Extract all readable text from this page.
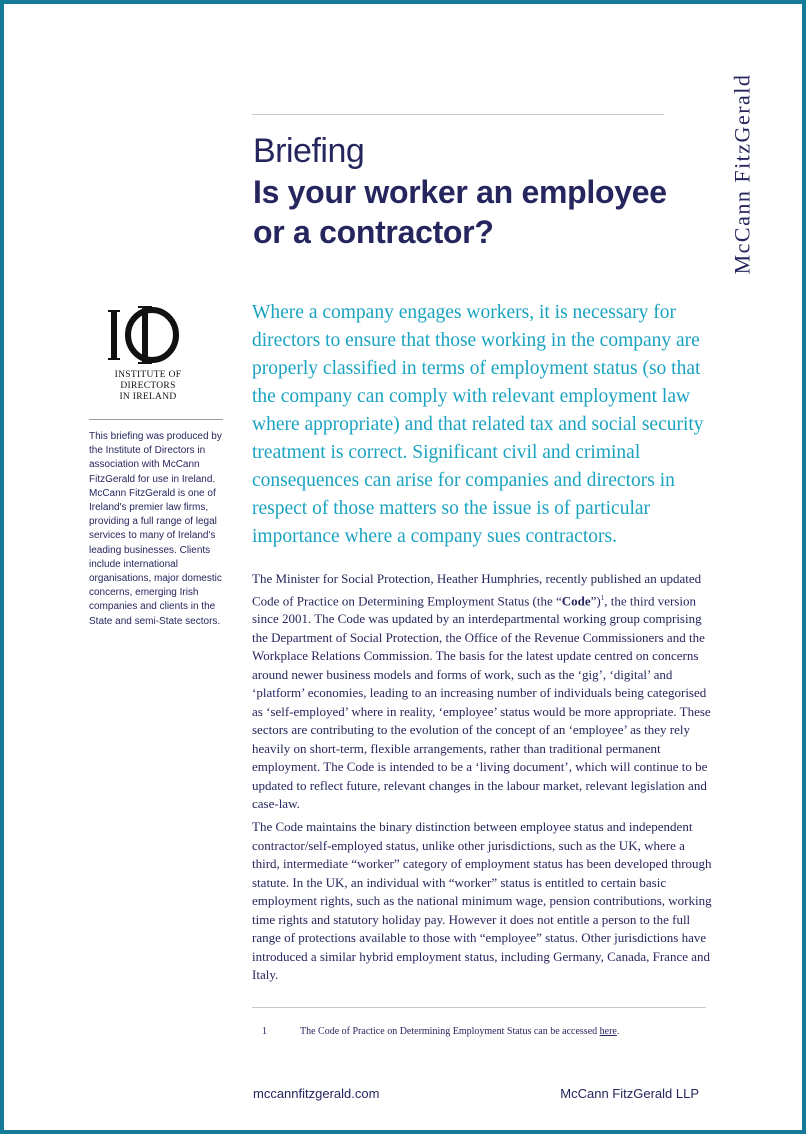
Briefing
Is your worker an employee or a contractor?	McCann FitzGerald
INSTITUTE OF DIRECTORS
IN IRELAND
This briefing was produced by the Institute of Directors in association with McCann FitzGerald for use in Ireland. McCann FitzGerald is one of Ireland's premier law firms, providing a full range of legal services to many of Ireland's leading businesses. Clients include international organisations, major domestic concerns, emerging Irish companies and clients in the State and semi-State sectors.

Where a company engages workers, it is necessary for directors to ensure that those working in the company are properly classified in terms of employment status (so that the company can comply with relevant employment law where appropriate) and that related tax and social security treatment is correct. Significant civil and criminal consequences can arise for companies and directors in respect of those matters so the issue is of particular importance where a company sues contractors.

The Minister for Social Protection, Heather Humphries, recently published an updated Code of Practice on Determining Employment Status (the “Code”)$^1$, the third version since 2001. The Code was updated by an interdepartmental working group comprising the Department of Social Protection, the Office of the Revenue Commissioners and the Workplace Relations Commission. The basis for the latest update centred on concerns around newer business models and forms of work, such as the ‘gig’, ‘digital’ and ‘platform’ economies, leading to an increasing number of individuals being categorised as ‘self-employed’ where in reality, ‘employee’ status would be more appropriate. These sectors are contributing to the evolution of the concept of an ‘employee’ as they rely heavily on short-term, flexible arrangements, rather than traditional permanent employment. The Code is intended to be a ‘living document’, which will continue to be updated to reflect future, relevant changes in the labour market, relevant legislation and case-law.

The Code maintains the binary distinction between employee status and independent contractor/self-employed status, unlike other jurisdictions, such as the UK, where a third, intermediate “worker” category of employment status has been developed through statute. In the UK, an individual with “worker” status is entitled to certain basic employment rights, such as the national minimum wage, pension contributions, working time rights and statutory holiday pay. However it does not entitle a person to the full range of protections available to those with “employee” status. Other jurisdictions have introduced a similar hybrid employment status, including Germany, Canada, France and Italy.

1	The Code of Practice on Determining Employment Status can be accessed here.
mccannfitzgerald.com	McCann FitzGerald LLP
